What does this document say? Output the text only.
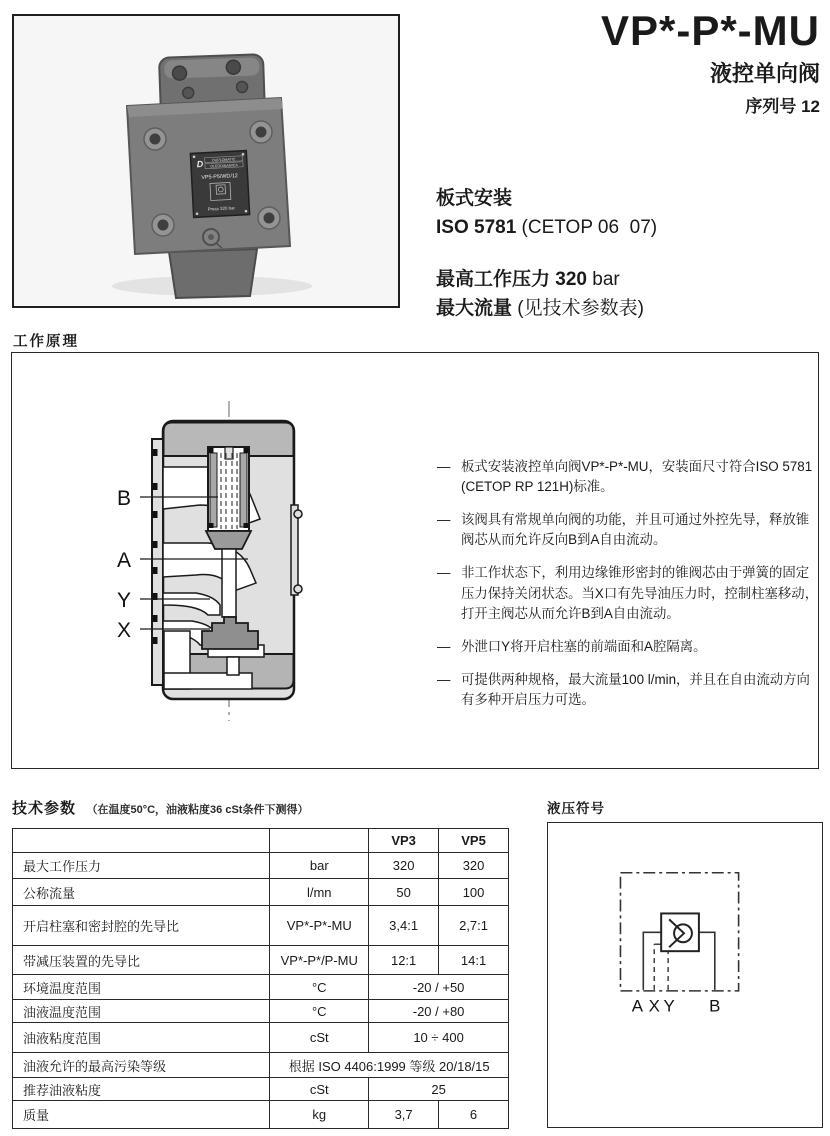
D DUPLOMATIC
OLEODINAMICA
VP5-P5/WD/12
Pmax 320 bar
VP*-P*-MU
液控单向阀
序列号 12
板式安装
ISO 5781 (CETOP 06  07)
最高工作压力 320 bar
最大流量 (见技术参数表)
工作原理
B
A
Y
X
— 板式安装液控单向阀VP*-P*-MU，安装面尺寸符合ISO 5781 (CETOP RP 121H)标准。
— 该阀具有常规单向阀的功能，并且可通过外控先导，释放锥阀芯从而允许反向B到A自由流动。
— 非工作状态下，利用边缘锥形密封的锥阀芯由于弹簧的固定压力保持关闭状态。当X口有先导油压力时，控制柱塞移动，打开主阀芯从而允许B到A自由流动。
— 外泄口Y将开启柱塞的前端面和A腔隔离。
— 可提供两种规格，最大流量100 l/min，并且在自由流动方向有多种开启压力可选。
技术参数 （在温度50°C，油液粘度36 cSt条件下测得）
		VP3	VP5
最大工作压力	bar	320	320
公称流量	l/mn	50	100
开启柱塞和密封腔的先导比	VP*-P*-MU	3,4:1	2,7:1
带减压装置的先导比	VP*-P*/P-MU	12:1	14:1
环境温度范围	°C	-20 / +50	
油液温度范围	°C	-20 / +80	
油液粘度范围	cSt	10 ÷ 400	
油液允许的最高污染等级	根据 ISO 4406:1999 等级 20/18/15		
推荐油液粘度	cSt	25	
质量	kg	3,7	6
液压符号
A X Y B
